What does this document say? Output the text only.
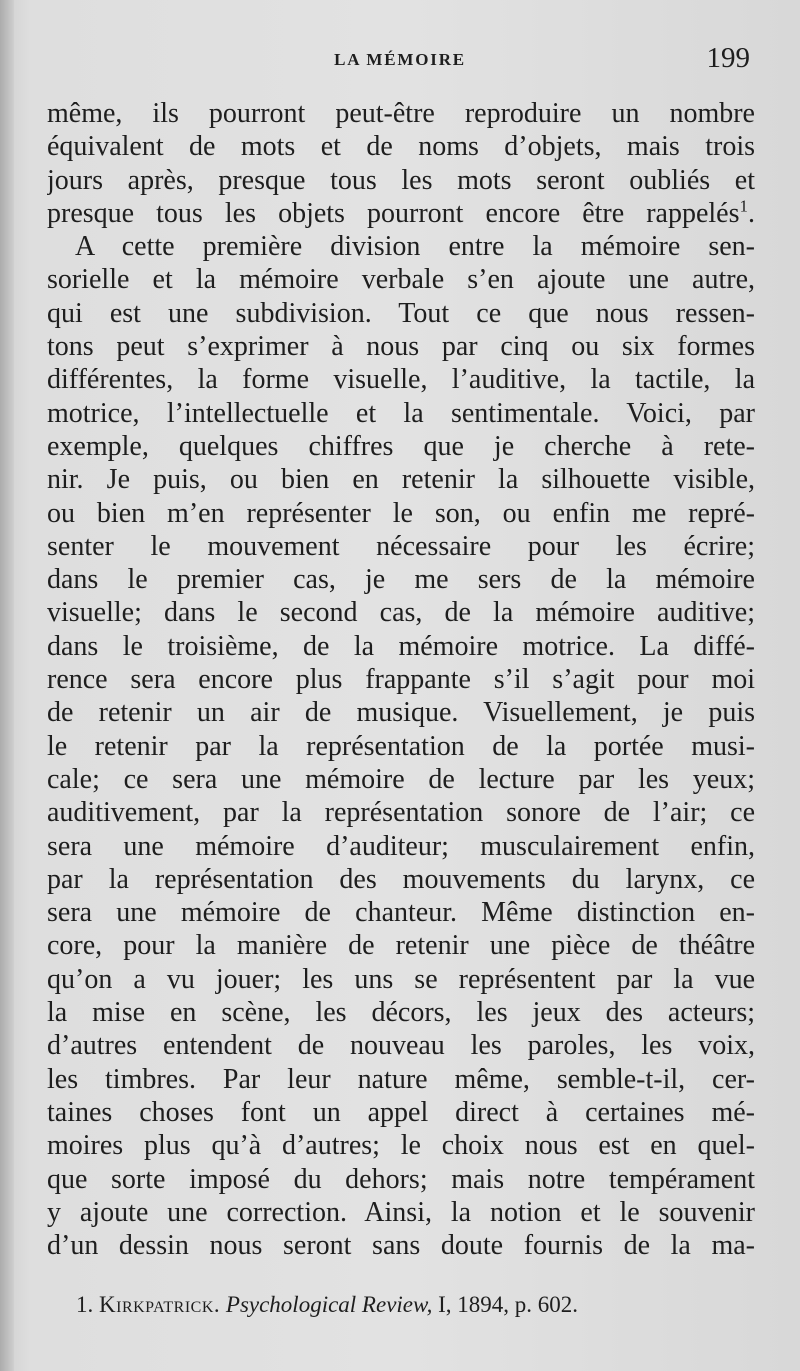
LA MÉMOIRE	199
même, ils pourront peut-être reproduire un nombre
équivalent de mots et de noms d’objets, mais trois
jours après, presque tous les mots seront oubliés et
presque tous les objets pourront encore être rappelés$^1$.
A cette première division entre la mémoire sen-
sorielle et la mémoire verbale s’en ajoute une autre,
qui est une subdivision. Tout ce que nous ressen-
tons peut s’exprimer à nous par cinq ou six formes
différentes, la forme visuelle, l’auditive, la tactile, la
motrice, l’intellectuelle et la sentimentale. Voici, par
exemple, quelques chiffres que je cherche à rete-
nir. Je puis, ou bien en retenir la silhouette visible,
ou bien m’en représenter le son, ou enfin me repré-
senter le mouvement nécessaire pour les écrire;
dans le premier cas, je me sers de la mémoire
visuelle; dans le second cas, de la mémoire auditive;
dans le troisième, de la mémoire motrice. La diffé-
rence sera encore plus frappante s’il s’agit pour moi
de retenir un air de musique. Visuellement, je puis
le retenir par la représentation de la portée musi-
cale; ce sera une mémoire de lecture par les yeux;
auditivement, par la représentation sonore de l’air; ce
sera une mémoire d’auditeur; musculairement enfin,
par la représentation des mouvements du larynx, ce
sera une mémoire de chanteur. Même distinction en-
core, pour la manière de retenir une pièce de théâtre
qu’on a vu jouer; les uns se représentent par la vue
la mise en scène, les décors, les jeux des acteurs;
d’autres entendent de nouveau les paroles, les voix,
les timbres. Par leur nature même, semble-t-il, cer-
taines choses font un appel direct à certaines mé-
moires plus qu’à d’autres; le choix nous est en quel-
que sorte imposé du dehors; mais notre tempérament
y ajoute une correction. Ainsi, la notion et le souvenir
d’un dessin nous seront sans doute fournis de la ma-
1. Kirkpatrick. Psychological Review, I, 1894, p. 602.
